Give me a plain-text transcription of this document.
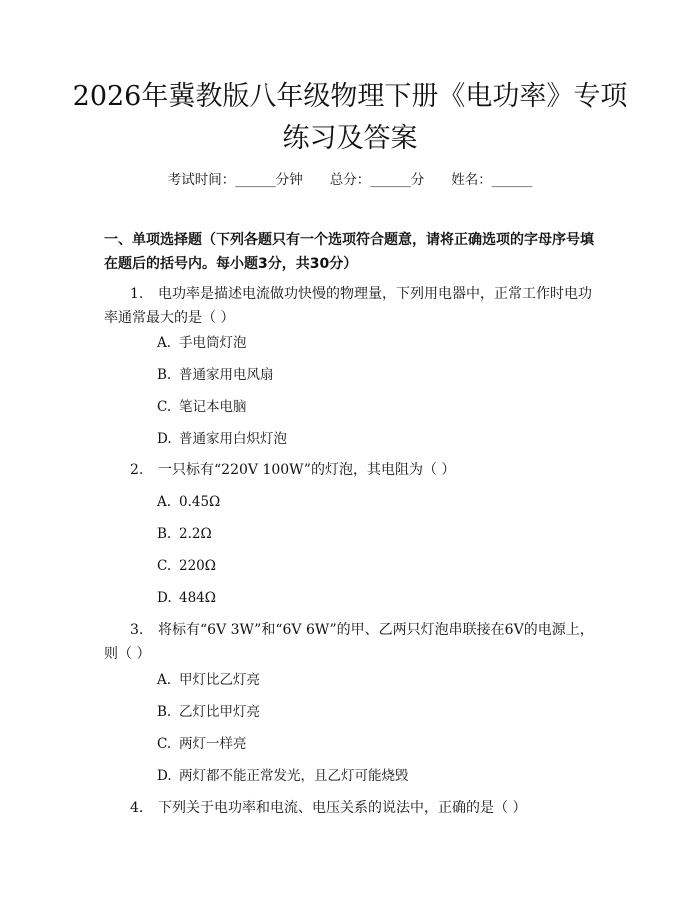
2026年冀教版八年级物理下册《电功率》专项练习及答案
考试时间：______分钟　　总分：______分　　姓名：______
一、单项选择题（下列各题只有一个选项符合题意，请将正确选项的字母序号填在题后的括号内。每小题3分，共30分）
1. 电功率是描述电流做功快慢的物理量，下列用电器中，正常工作时电功率通常最大的是（ ）
A. 手电筒灯泡
B. 普通家用电风扇
C. 笔记本电脑
D. 普通家用白炽灯泡
2. 一只标有“220V 100W”的灯泡，其电阻为（ ）
A. 0.45Ω
B. 2.2Ω
C. 220Ω
D. 484Ω
3. 将标有“6V 3W”和“6V 6W”的甲、乙两只灯泡串联接在6V的电源上，则（ ）
A. 甲灯比乙灯亮
B. 乙灯比甲灯亮
C. 两灯一样亮
D. 两灯都不能正常发光，且乙灯可能烧毁
4. 下列关于电功率和电流、电压关系的说法中，正确的是（ ）
